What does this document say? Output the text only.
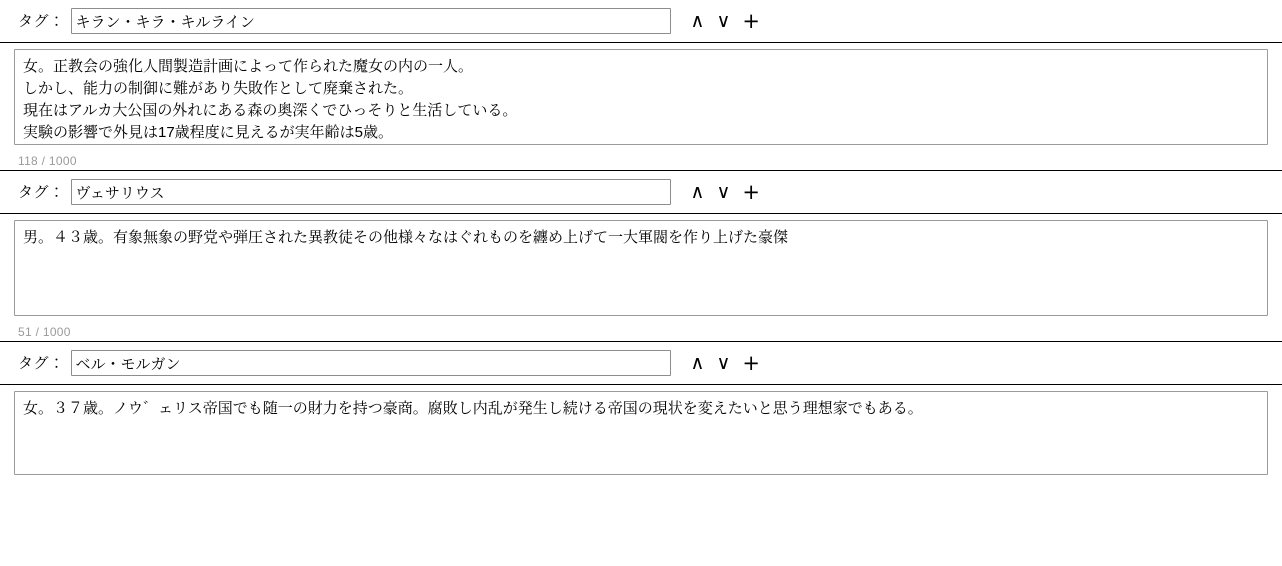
タグ：
キラン・キラ・キルライン	∧ ∨ +
女。正教会の強化人間製造計画によって作られた魔女の内の一人。 しかし、能力の制御に難があり失敗作として廃棄された。 現在はアルカ大公国の外れにある森の奥深くでひっそりと生活している。 実験の影響で外見は17歳程度に見えるが実年齢は5歳。
118 / 1000
タグ：
ヴェサリウス	∧ ∨ +
男。４３歳。有象無象の野党や弾圧された異教徒その他様々なはぐれものを纏め上げて一大軍閥を作り上げた豪傑
51 / 1000
タグ：
ベル・モルガン	∧ ∨ +
女。３７歳。ノウ゛ェリス帝国でも随一の財力を持つ豪商。腐敗し内乱が発生し続ける帝国の現状を変えたいと思う理想家でもある。
